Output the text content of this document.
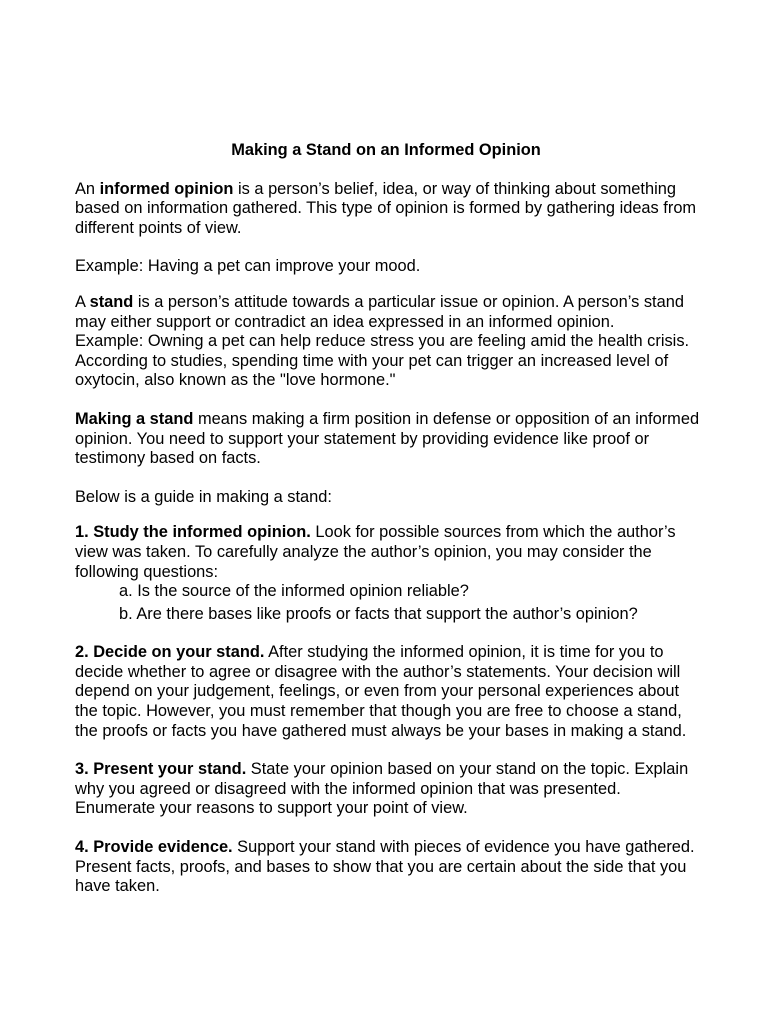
Making a Stand on an Informed Opinion

An informed opinion is a person’s belief, idea, or way of thinking about something based on information gathered. This type of opinion is formed by gathering ideas from different points of view.

Example: Having a pet can improve your mood.

A stand is a person’s attitude towards a particular issue or opinion. A person’s stand may either support or contradict an idea expressed in an informed opinion.

Example: Owning a pet can help reduce stress you are feeling amid the health crisis. According to studies, spending time with your pet can trigger an increased level of oxytocin, also known as the "love hormone."

Making a stand means making a firm position in defense or opposition of an informed opinion. You need to support your statement by providing evidence like proof or testimony based on facts.

Below is a guide in making a stand:

1. Study the informed opinion. Look for possible sources from which the author’s view was taken. To carefully analyze the author’s opinion, you may consider the following questions:

a. Is the source of the informed opinion reliable?

b. Are there bases like proofs or facts that support the author’s opinion?

2. Decide on your stand. After studying the informed opinion, it is time for you to decide whether to agree or disagree with the author’s statements. Your decision will depend on your judgement, feelings, or even from your personal experiences about the topic. However, you must remember that though you are free to choose a stand, the proofs or facts you have gathered must always be your bases in making a stand.

3. Present your stand. State your opinion based on your stand on the topic. Explain why you agreed or disagreed with the informed opinion that was presented. Enumerate your reasons to support your point of view.

4. Provide evidence. Support your stand with pieces of evidence you have gathered. Present facts, proofs, and bases to show that you are certain about the side that you have taken.
